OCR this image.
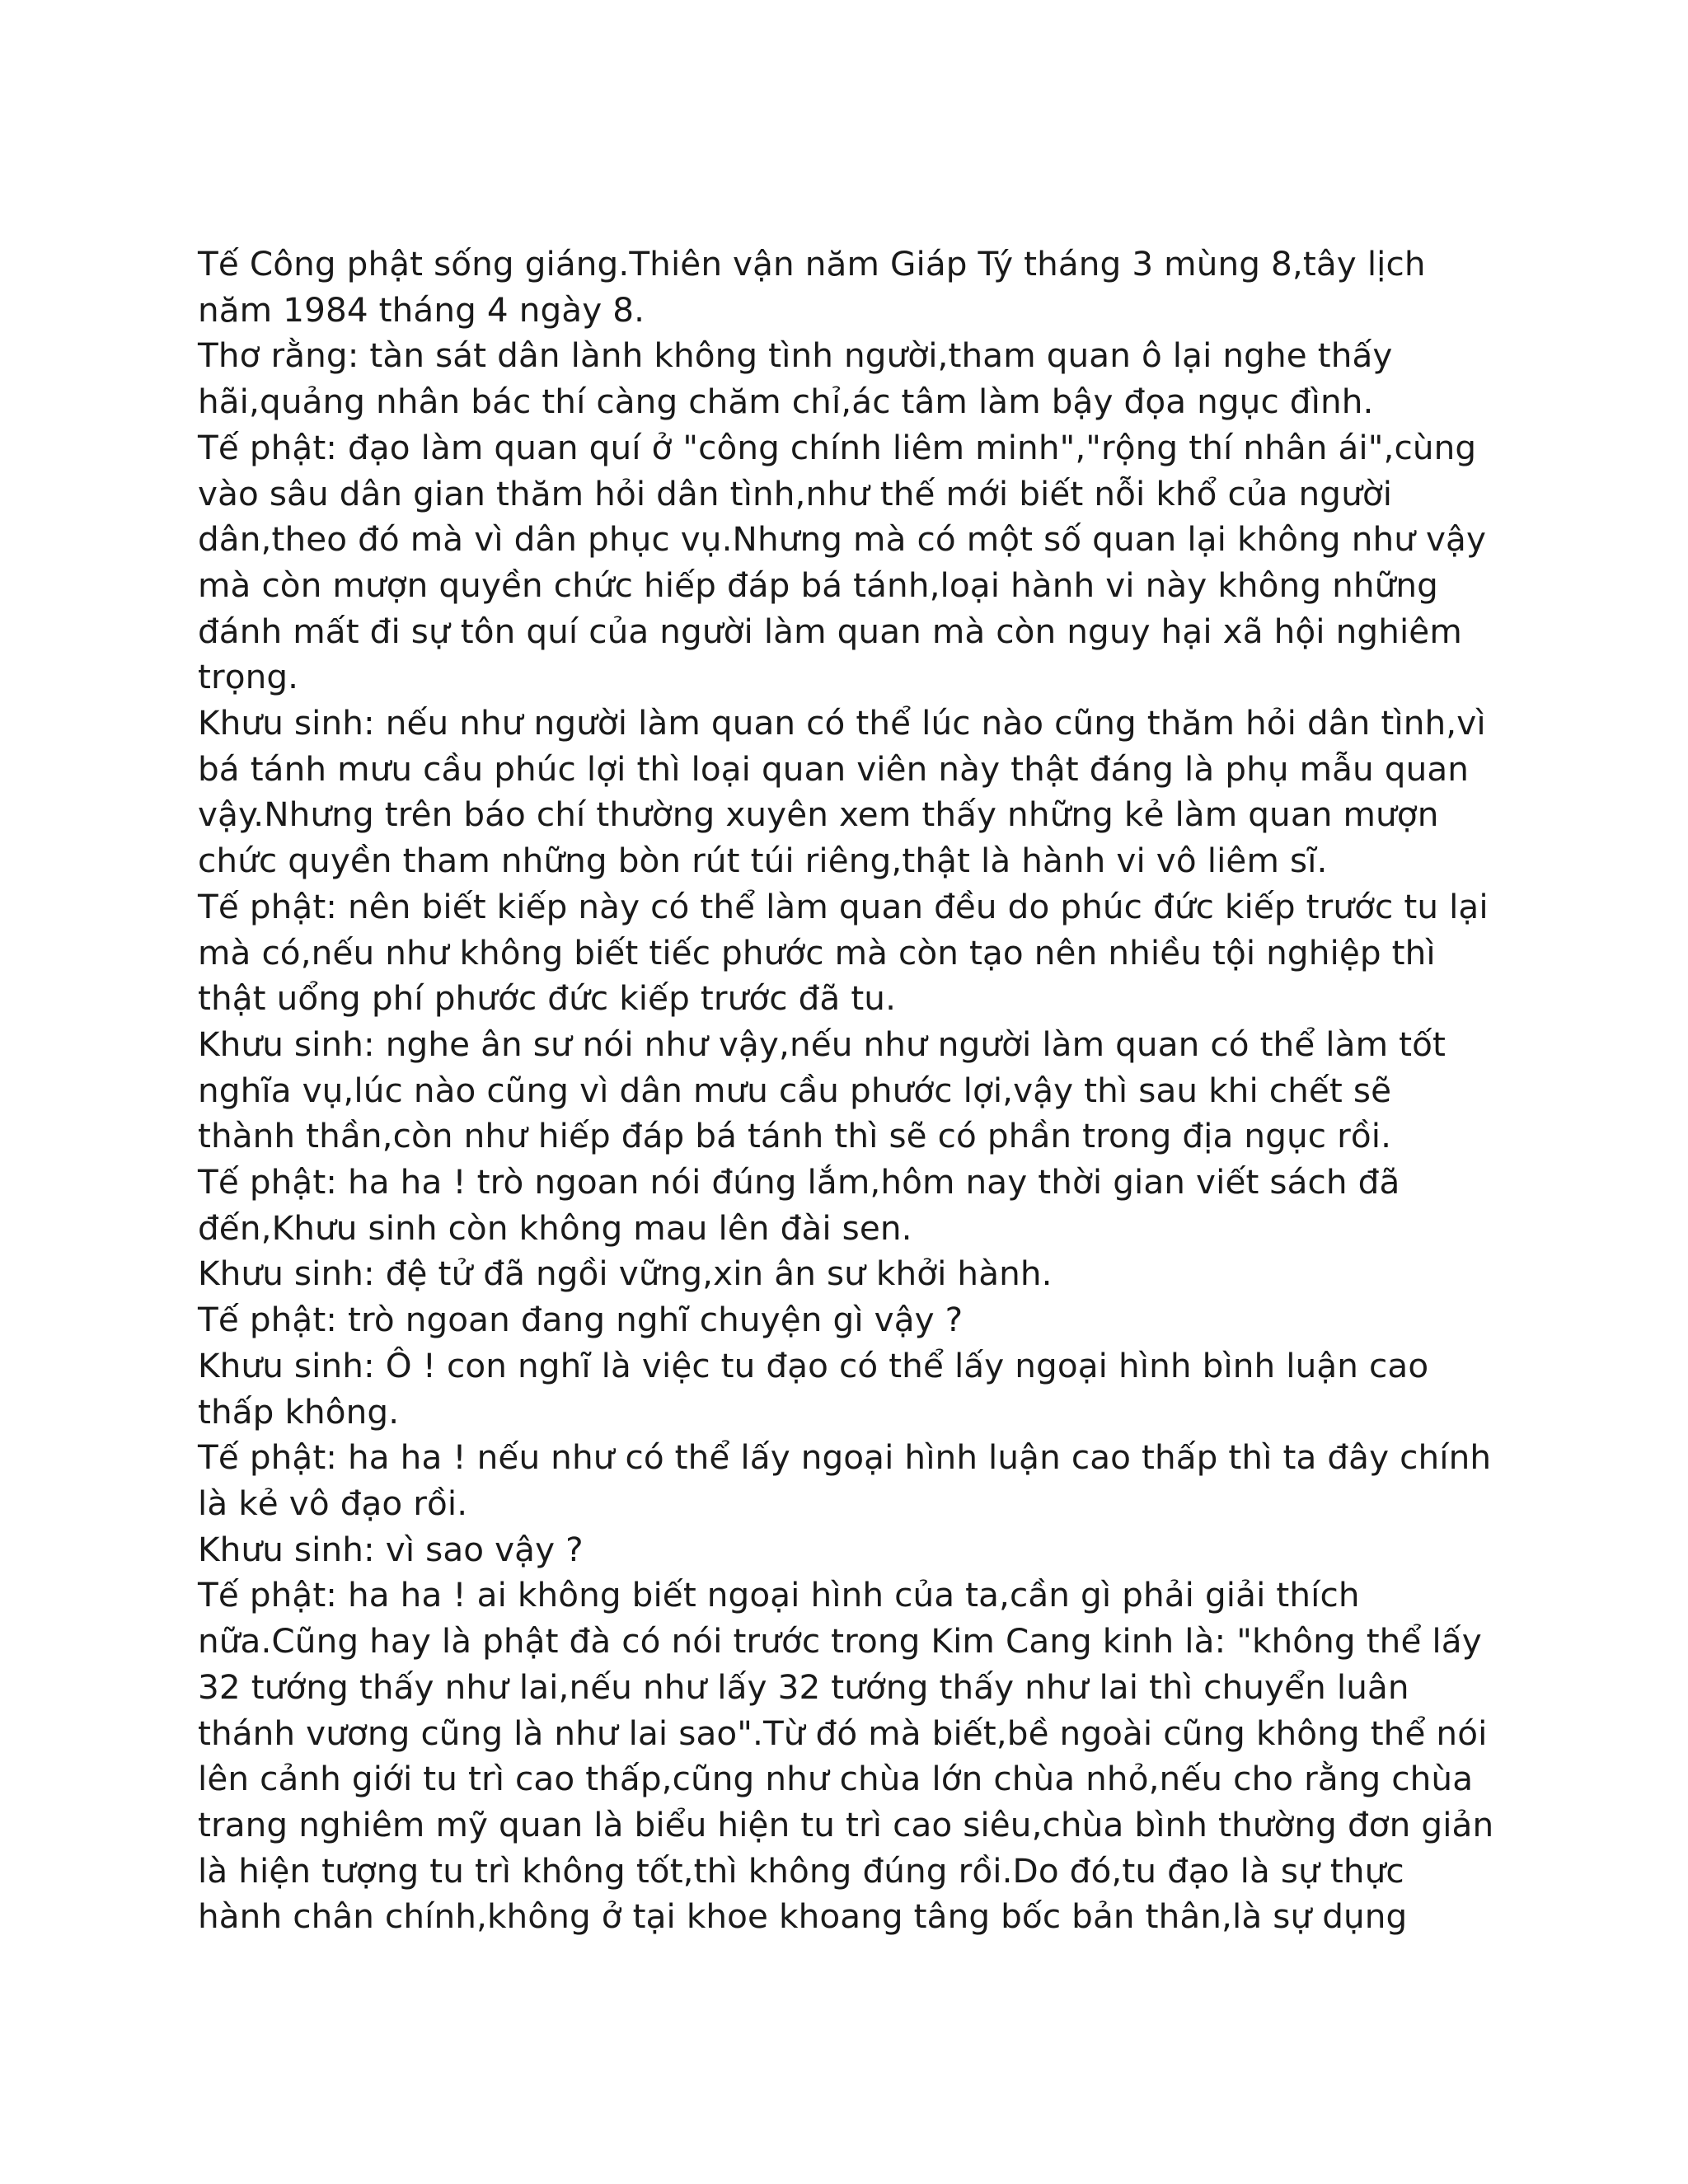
Tế Công phật sống giáng.Thiên vận năm Giáp Tý tháng 3 mùng 8,tây lịch
năm 1984 tháng 4 ngày 8.
Thơ rằng: tàn sát dân lành không tình người,tham quan ô lại nghe thấy
hãi,quảng nhân bác thí càng chăm chỉ,ác tâm làm bậy đọa ngục đình.
Tế phật: đạo làm quan quí ở "công chính liêm minh","rộng thí nhân ái",cùng
vào sâu dân gian thăm hỏi dân tình,như thế mới biết nỗi khổ của người
dân,theo đó mà vì dân phục vụ.Nhưng mà có một số quan lại không như vậy
mà còn mượn quyền chức hiếp đáp bá tánh,loại hành vi này không những
đánh mất đi sự tôn quí của người làm quan mà còn nguy hại xã hội nghiêm
trọng.
Khưu sinh: nếu như người làm quan có thể lúc nào cũng thăm hỏi dân tình,vì
bá tánh mưu cầu phúc lợi thì loại quan viên này thật đáng là phụ mẫu quan
vậy.Nhưng trên báo chí thường xuyên xem thấy những kẻ làm quan mượn
chức quyền tham những bòn rút túi riêng,thật là hành vi vô liêm sĩ.
Tế phật: nên biết kiếp này có thể làm quan đều do phúc đức kiếp trước tu lại
mà có,nếu như không biết tiếc phước mà còn tạo nên nhiều tội nghiệp thì
thật uổng phí phước đức kiếp trước đã tu.
Khưu sinh: nghe ân sư nói như vậy,nếu như người làm quan có thể làm tốt
nghĩa vụ,lúc nào cũng vì dân mưu cầu phước lợi,vậy thì sau khi chết sẽ
thành thần,còn như hiếp đáp bá tánh thì sẽ có phần trong địa ngục rồi.
Tế phật: ha ha ! trò ngoan nói đúng lắm,hôm nay thời gian viết sách đã
đến,Khưu sinh còn không mau lên đài sen.
Khưu sinh: đệ tử đã ngồi vững,xin ân sư khởi hành.
Tế phật: trò ngoan đang nghĩ chuyện gì vậy ?
Khưu sinh: Ô ! con nghĩ là việc tu đạo có thể lấy ngoại hình bình luận cao
thấp không.
Tế phật: ha ha ! nếu như có thể lấy ngoại hình luận cao thấp thì ta đây chính
là kẻ vô đạo rồi.
Khưu sinh: vì sao vậy ?
Tế phật: ha ha ! ai không biết ngoại hình của ta,cần gì phải giải thích
nữa.Cũng hay là phật đà có nói trước trong Kim Cang kinh là: "không thể lấy
32 tướng thấy như lai,nếu như lấy 32 tướng thấy như lai thì chuyển luân
thánh vương cũng là như lai sao".Từ đó mà biết,bề ngoài cũng không thể nói
lên cảnh giới tu trì cao thấp,cũng như chùa lớn chùa nhỏ,nếu cho rằng chùa
trang nghiêm mỹ quan là biểu hiện tu trì cao siêu,chùa bình thường đơn giản
là hiện tượng tu trì không tốt,thì không đúng rồi.Do đó,tu đạo là sự thực
hành chân chính,không ở tại khoe khoang tâng bốc bản thân,là sự dụng
